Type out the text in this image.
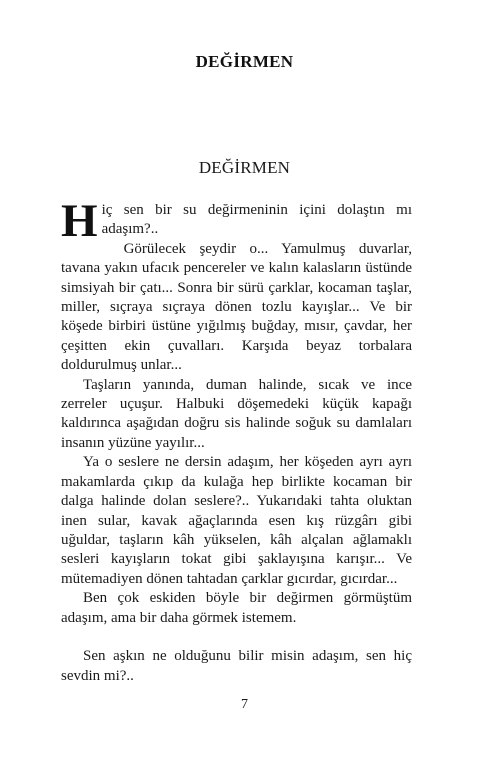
DEĞİRMEN
DEĞİRMEN

Hiç sen bir su değirmeninin içini dolaştın mı adaşım?..

Görülecek şeydir o... Yamulmuş duvarlar, tavana yakın ufacık pencereler ve kalın kalasların üstünde simsiyah bir çatı... Sonra bir sürü çarklar, kocaman taşlar, miller, sıçraya sıçraya dönen tozlu kayışlar... Ve bir köşede birbiri üstüne yığılmış buğday, mısır, çavdar, her çeşitten ekin çuvalları. Karşıda beyaz torbalara doldurulmuş unlar...

Taşların yanında, duman halinde, sıcak ve ince zerreler uçuşur. Halbuki döşemedeki küçük kapağı kaldırınca aşağıdan doğru sis halinde soğuk su damlaları insanın yüzüne yayılır...

Ya o seslere ne dersin adaşım, her köşeden ayrı ayrı makamlarda çıkıp da kulağa hep birlikte kocaman bir dalga halinde dolan seslere?.. Yukarıdaki tahta oluktan inen sular, kavak ağaçlarında esen kış rüzgârı gibi uğuldar, taşların kâh yükselen, kâh alçalan ağlamaklı sesleri kayışların tokat gibi şaklayışına karışır... Ve mütemadiyen dönen tahtadan çarklar gıcırdar, gıcırdar...

Ben çok eskiden böyle bir değirmen görmüştüm adaşım, ama bir daha görmek istemem.

Sen aşkın ne olduğunu bilir misin adaşım, sen hiç sevdin mi?..

7
